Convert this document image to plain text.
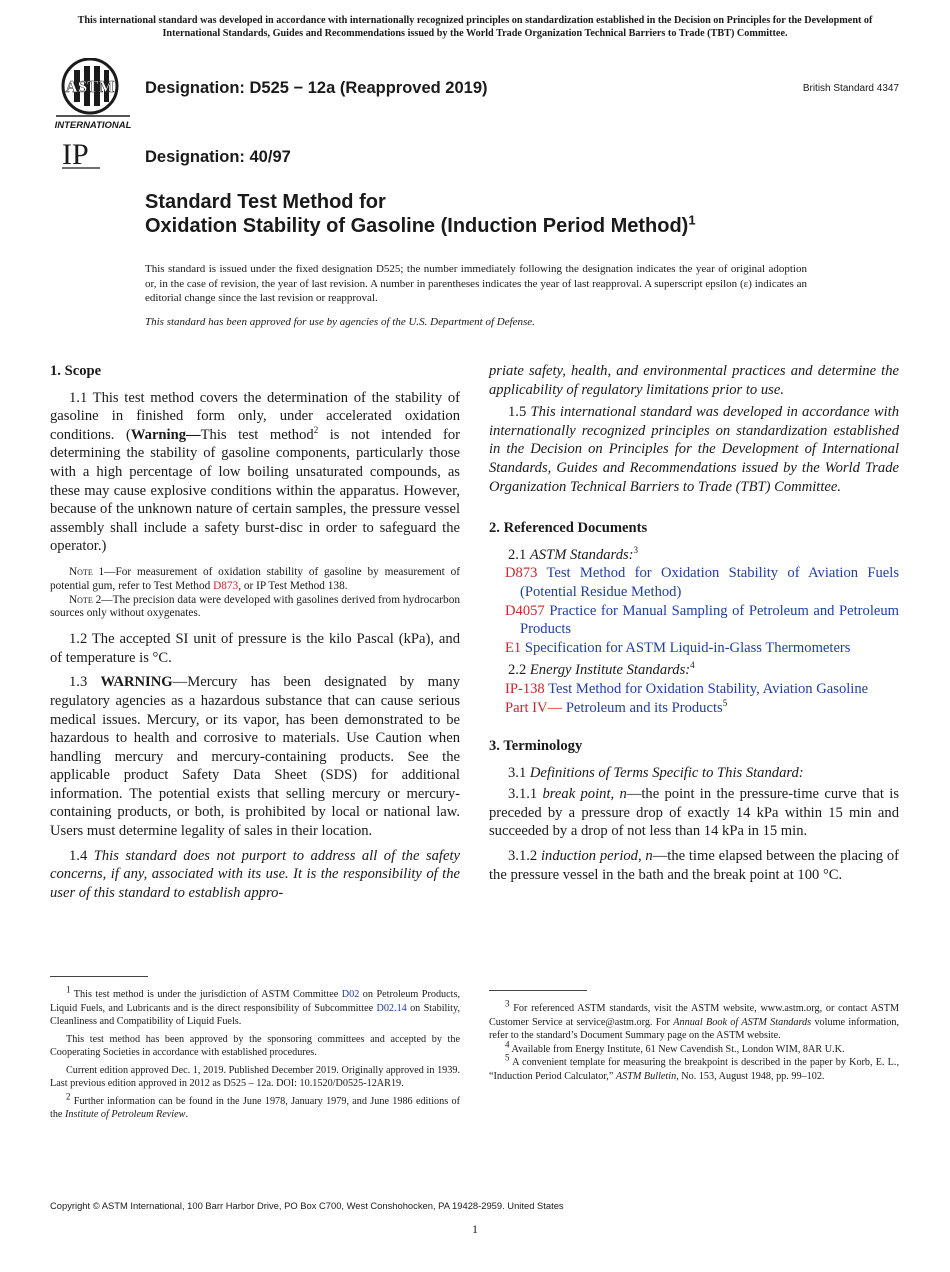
This international standard was developed in accordance with internationally recognized principles on standardization established in the Decision on Principles for the Development of International Standards, Guides and Recommendations issued by the World Trade Organization Technical Barriers to Trade (TBT) Committee.
ASTM
INTERNATIONAL
IP
Designation: D525 − 12a (Reapproved 2019)	British Standard 4347
Designation: 40/97
Standard Test Method for
Oxidation Stability of Gasoline (Induction Period Method)$^1$
This standard is issued under the fixed designation D525; the number immediately following the designation indicates the year of original adoption or, in the case of revision, the year of last revision. A number in parentheses indicates the year of last reapproval. A superscript epsilon (ε) indicates an editorial change since the last revision or reapproval.
This standard has been approved for use by agencies of the U.S. Department of Defense.
1. Scope

1.1 This test method covers the determination of the stability of gasoline in finished form only, under accelerated oxidation conditions. (Warning—This test method$^2$ is not intended for determining the stability of gasoline components, particularly those with a high percentage of low boiling unsaturated compounds, as these may cause explosive conditions within the apparatus. However, because of the unknown nature of certain samples, the pressure vessel assembly shall include a safety burst-disc in order to safeguard the operator.)

Note 1—For measurement of oxidation stability of gasoline by measurement of potential gum, refer to Test Method D873, or IP Test Method 138.

Note 2—The precision data were developed with gasolines derived from hydrocarbon sources only without oxygenates.

1.2 The accepted SI unit of pressure is the kilo Pascal (kPa), and of temperature is °C.

1.3 WARNING—Mercury has been designated by many regulatory agencies as a hazardous substance that can cause serious medical issues. Mercury, or its vapor, has been demonstrated to be hazardous to health and corrosive to materials. Use Caution when handling mercury and mercury-containing products. See the applicable product Safety Data Sheet (SDS) for additional information. The potential exists that selling mercury or mercury-containing products, or both, is prohibited by local or national law. Users must determine legality of sales in their location.

1.4 This standard does not purport to address all of the safety concerns, if any, associated with its use. It is the responsibility of the user of this standard to establish appro-

priate safety, health, and environmental practices and determine the applicability of regulatory limitations prior to use.

1.5 This international standard was developed in accordance with internationally recognized principles on standardization established in the Decision on Principles for the Development of International Standards, Guides and Recommendations issued by the World Trade Organization Technical Barriers to Trade (TBT) Committee.

2. Referenced Documents

2.1 ASTM Standards:$^3$

D873 Test Method for Oxidation Stability of Aviation Fuels (Potential Residue Method)

D4057 Practice for Manual Sampling of Petroleum and Petroleum Products

E1 Specification for ASTM Liquid-in-Glass Thermometers

2.2 Energy Institute Standards:$^4$

IP-138 Test Method for Oxidation Stability, Aviation Gasoline

Part IV— Petroleum and its Products$^5$

3. Terminology

3.1 Definitions of Terms Specific to This Standard:

3.1.1 break point, n—the point in the pressure-time curve that is preceded by a pressure drop of exactly 14 kPa within 15 min and succeeded by a drop of not less than 14 kPa in 15 min.

3.1.2 induction period, n—the time elapsed between the placing of the pressure vessel in the bath and the break point at 100 °C.

$^1$ This test method is under the jurisdiction of ASTM Committee D02 on Petroleum Products, Liquid Fuels, and Lubricants and is the direct responsibility of Subcommittee D02.14 on Stability, Cleanliness and Compatibility of Liquid Fuels.

This test method has been approved by the sponsoring committees and accepted by the Cooperating Societies in accordance with established procedures.

Current edition approved Dec. 1, 2019. Published December 2019. Originally approved in 1939. Last previous edition approved in 2012 as D525 – 12a. DOI: 10.1520/D0525-12AR19.

$^2$ Further information can be found in the June 1978, January 1979, and June 1986 editions of the Institute of Petroleum Review.

$^3$ For referenced ASTM standards, visit the ASTM website, www.astm.org, or contact ASTM Customer Service at service@astm.org. For Annual Book of ASTM Standards volume information, refer to the standard’s Document Summary page on the ASTM website.

$^4$ Available from Energy Institute, 61 New Cavendish St., London WIM, 8AR U.K.

$^5$ A convenient template for measuring the breakpoint is described in the paper by Korb, E. L., “Induction Period Calculator,” ASTM Bulletin, No. 153, August 1948, pp. 99–102.

Copyright © ASTM International, 100 Barr Harbor Drive, PO Box C700, West Conshohocken, PA 19428-2959. United States
1
